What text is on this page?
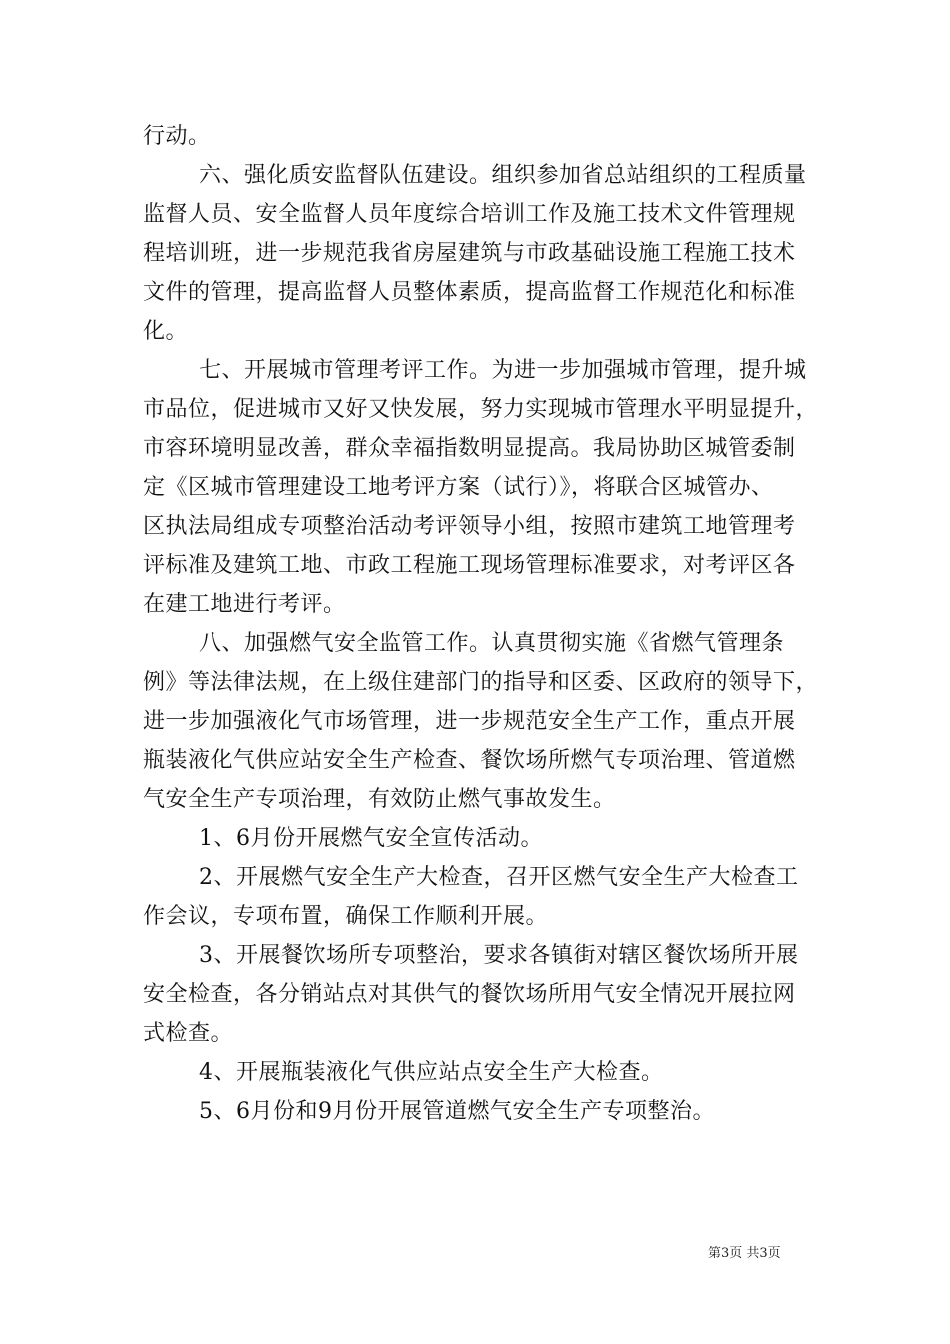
行动。
六、强化质安监督队伍建设。组织参加省总站组织的工程质量
监督人员、安全监督人员年度综合培训工作及施工技术文件管理规
程培训班，进一步规范我省房屋建筑与市政基础设施工程施工技术
文件的管理，提高监督人员整体素质，提高监督工作规范化和标准
化。
七、开展城市管理考评工作。为进一步加强城市管理，提升城
市品位，促进城市又好又快发展，努力实现城市管理水平明显提升，
市容环境明显改善，群众幸福指数明显提高。我局协助区城管委制
定《区城市管理建设工地考评方案（试行）》，将联合区城管办、
区执法局组成专项整治活动考评领导小组，按照市建筑工地管理考
评标准及建筑工地、市政工程施工现场管理标准要求，对考评区各
在建工地进行考评。
八、加强燃气安全监管工作。认真贯彻实施《省燃气管理条
例》等法律法规，在上级住建部门的指导和区委、区政府的领导下，
进一步加强液化气市场管理，进一步规范安全生产工作，重点开展
瓶装液化气供应站安全生产检查、餐饮场所燃气专项治理、管道燃
气安全生产专项治理，有效防止燃气事故发生。
1、6月份开展燃气安全宣传活动。
2、开展燃气安全生产大检查，召开区燃气安全生产大检查工
作会议，专项布置，确保工作顺利开展。
3、开展餐饮场所专项整治，要求各镇街对辖区餐饮场所开展
安全检查，各分销站点对其供气的餐饮场所用气安全情况开展拉网
式检查。
4、开展瓶装液化气供应站点安全生产大检查。
5、6月份和9月份开展管道燃气安全生产专项整治。
第3页 共3页
